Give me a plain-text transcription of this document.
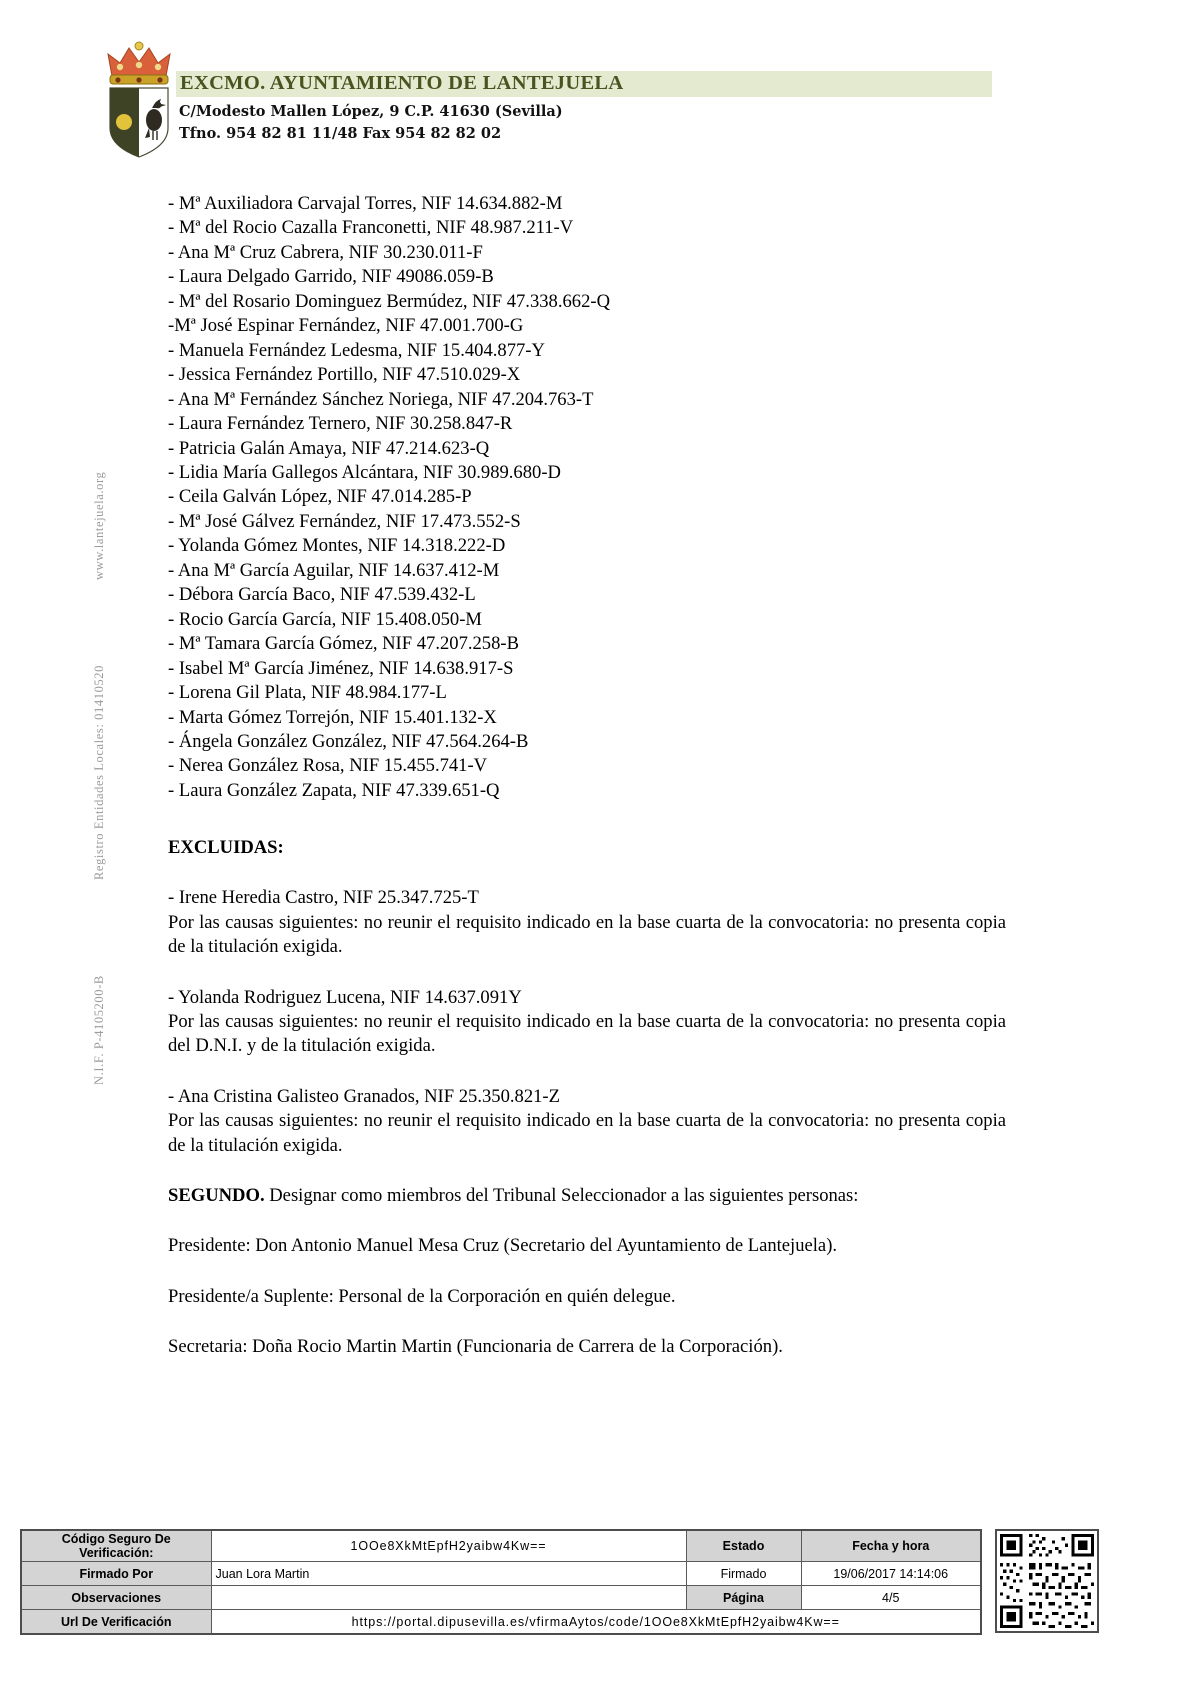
EXCMO. AYUNTAMIENTO DE LANTEJUELA
C/Modesto Mallen López, 9 C.P. 41630 (Sevilla)
Tfno. 954 82 81 11/48 Fax 954 82 82 02
www.lantejuela.org
Registro Entidades Locales: 01410520
N.I.F. P-4105200-B
- Mª Auxiliadora Carvajal Torres, NIF 14.634.882-M
- Mª del Rocio Cazalla Franconetti, NIF 48.987.211-V
- Ana Mª Cruz Cabrera, NIF 30.230.011-F
- Laura Delgado Garrido, NIF 49086.059-B
- Mª del Rosario Dominguez Bermúdez, NIF 47.338.662-Q
-Mª José Espinar Fernández, NIF 47.001.700-G
- Manuela Fernández Ledesma, NIF 15.404.877-Y
- Jessica Fernández Portillo, NIF 47.510.029-X
- Ana Mª Fernández Sánchez Noriega, NIF 47.204.763-T
- Laura Fernández Ternero, NIF 30.258.847-R
- Patricia Galán Amaya, NIF 47.214.623-Q
- Lidia María Gallegos Alcántara, NIF 30.989.680-D
- Ceila Galván López, NIF 47.014.285-P
- Mª José Gálvez Fernández, NIF 17.473.552-S
- Yolanda Gómez Montes, NIF 14.318.222-D
- Ana Mª García Aguilar, NIF 14.637.412-M
- Débora García Baco, NIF 47.539.432-L
- Rocio García García, NIF 15.408.050-M
- Mª Tamara García Gómez, NIF 47.207.258-B
- Isabel Mª García Jiménez, NIF 14.638.917-S
- Lorena Gil Plata, NIF 48.984.177-L
- Marta Gómez Torrejón, NIF 15.401.132-X
- Ángela González González, NIF 47.564.264-B
- Nerea González Rosa, NIF 15.455.741-V
- Laura González Zapata, NIF 47.339.651-Q
EXCLUIDAS:
- Irene Heredia Castro, NIF 25.347.725-T
Por las causas siguientes: no reunir el requisito indicado en la base cuarta de la convocatoria: no presenta copia de la titulación exigida.
- Yolanda Rodriguez Lucena, NIF 14.637.091Y
Por las causas siguientes: no reunir el requisito indicado en la base cuarta de la convocatoria: no presenta copia del D.N.I. y de la titulación exigida.
- Ana Cristina Galisteo Granados, NIF 25.350.821-Z
Por las causas siguientes: no reunir el requisito indicado en la base cuarta de la convocatoria: no presenta copia de la titulación exigida.
SEGUNDO. Designar como miembros del Tribunal Seleccionador a las siguientes personas:
Presidente: Don Antonio Manuel Mesa Cruz (Secretario del Ayuntamiento de Lantejuela).
Presidente/a Suplente: Personal de la Corporación en quién delegue.
Secretaria: Doña Rocio Martin Martin (Funcionaria de Carrera de la Corporación).
Código Seguro De Verificación:	1OOe8XkMtEpfH2yaibw4Kw==	Estado	Fecha y hora
Firmado Por	Juan Lora Martin	Firmado	19/06/2017 14:14:06
Observaciones		Página	4/5
Url De Verificación	https://portal.dipusevilla.es/vfirmaAytos/code/1OOe8XkMtEpfH2yaibw4Kw==		
